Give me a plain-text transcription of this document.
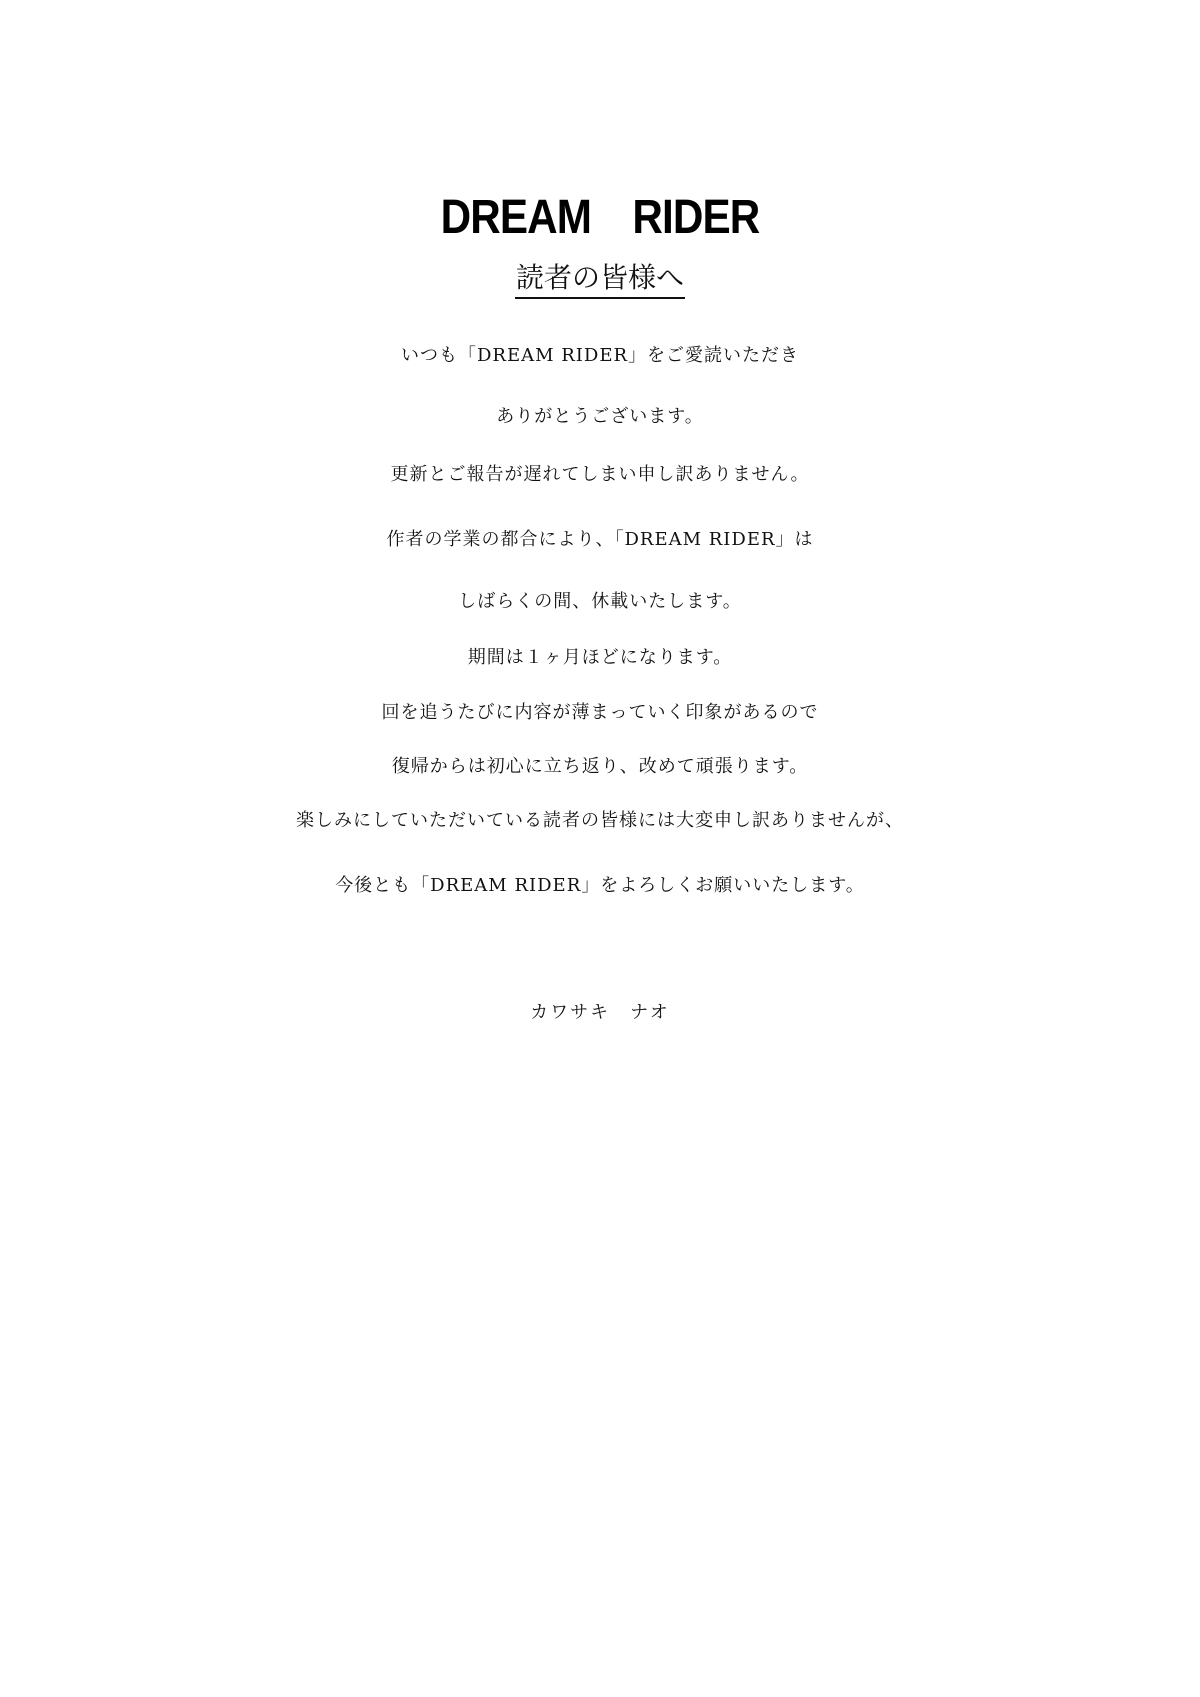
DREAM　RIDER
読者の皆様へ
いつも「DREAM RIDER」をご愛読いただき
ありがとうございます。
更新とご報告が遅れてしまい申し訳ありません。
作者の学業の都合により、「DREAM RIDER」は
しばらくの間、休載いたします。
期間は１ヶ月ほどになります。
回を追うたびに内容が薄まっていく印象があるので
復帰からは初心に立ち返り、改めて頑張ります。
楽しみにしていただいている読者の皆様には大変申し訳ありませんが、
今後とも「DREAM RIDER」をよろしくお願いいたします。
カワサキ　ナオ
